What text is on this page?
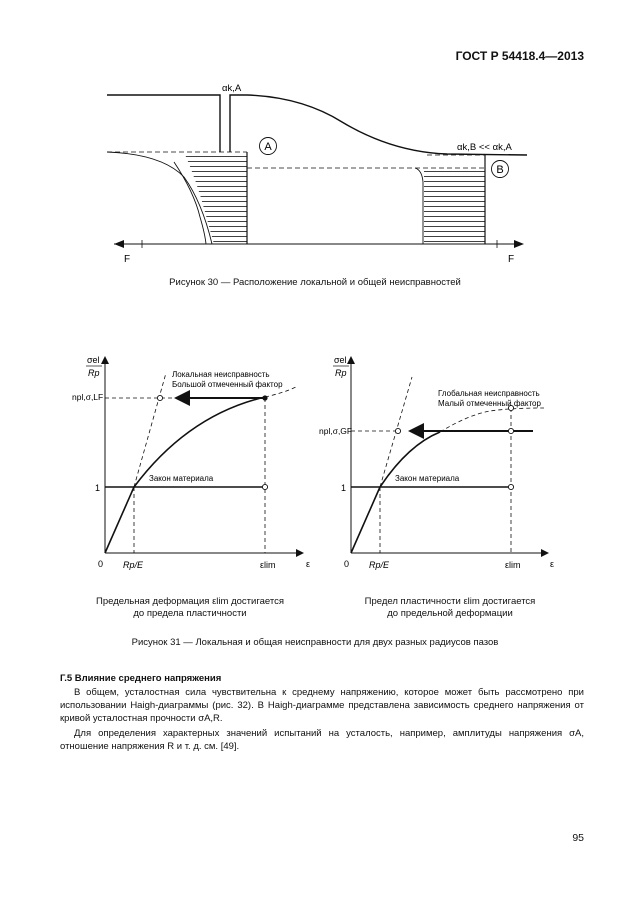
ГОСТ Р 54418.4—2013
A
B
αk,A
αk,B << αk,A
F	F
Рисунок 30 — Расположение локальной и общей неисправностей
σel
Rp
npl,σ,LF
1
0 Rp/E	εlim	ε
Локальная неисправность
Большой отмеченный фактор
Закон материала
σel
Rp
npl,σ,GF
1
0 Rp/E	εlim	ε
Глобальная неисправность
Малый отмеченный фактор
Закон материала
Предельная деформация εlim достигается
до предела пластичности
Предел пластичности εlim достигается
до предельной деформации
Рисунок 31 — Локальная и общая неисправности для двух разных радиусов пазов
Г.5 Влияние среднего напряжения
В общем, усталостная сила чувствительна к среднему напряжению, которое может быть рассмотрено при использовании Haigh-диаграммы (рис. 32). В Haigh-диаграмме представлена зависимость среднего напряжения от кривой усталостная прочности σA,R.
Для определения характерных значений испытаний на усталость, например, амплитуды напряжения σA, отношение напряжения R и т. д. см. [49].
95
